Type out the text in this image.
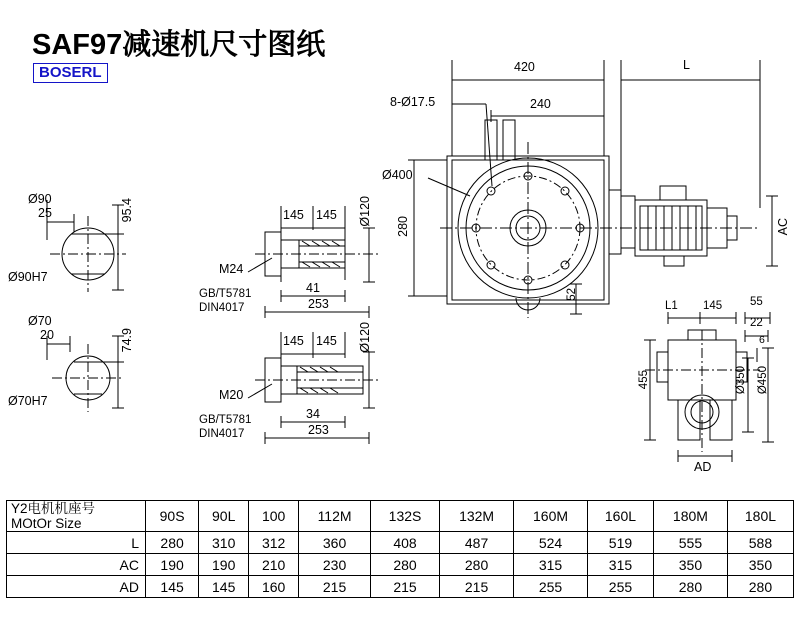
SAF97减速机尺寸图纸
BOSERL
Ø90
25	95.4
Ø90H7
Ø70
20	74.9
Ø70H7
145 145 Ø120
M24
GB/T5781
DIN4017
41
253
145 145 Ø120
M20
GB/T5781
DIN4017
34
253
420	L
8-Ø17.5	240
Ø400
280
52
AC
L1 145 55
22
6
455	Ø350 Ø450
AD
Y2电机机座号
MOtOr Size	90S	90L	100	112M	132S	132M	160M	160L	180M	180L

L	280	310	312	360	408	487	524	519	555	588
AC	190	190	210	230	280	280	315	315	350	350
AD	145	145	160	215	215	215	255	255	280	280
